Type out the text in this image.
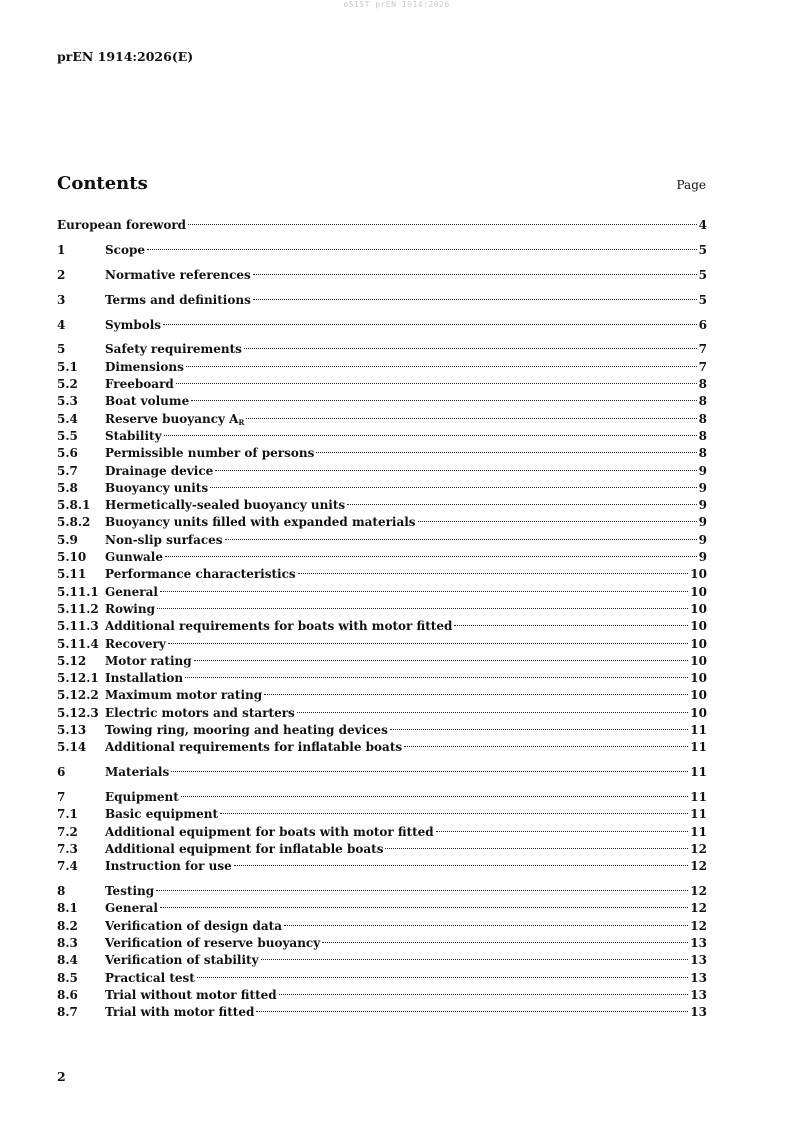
oSIST prEN 1914:2026
prEN 1914:2026(E)
Contents	Page
European foreword	4
1	Scope	5
2	Normative references	5
3	Terms and definitions	5
4	Symbols	6
5	Safety requirements	7
5.1	Dimensions	7
5.2	Freeboard	8
5.3	Boat volume	8
5.4	Reserve buoyancy $A_R$	8
5.5	Stability	8
5.6	Permissible number of persons	8
5.7	Drainage device	9
5.8	Buoyancy units	9
5.8.1	Hermetically-sealed buoyancy units	9
5.8.2	Buoyancy units filled with expanded materials	9
5.9	Non-slip surfaces	9
5.10	Gunwale	9
5.11	Performance characteristics	10
5.11.1 General	10
5.11.2 Rowing	10
5.11.3 Additional requirements for boats with motor fitted	10
5.11.4 Recovery	10
5.12	Motor rating	10
5.12.1 Installation	10
5.12.2 Maximum motor rating	10
5.12.3 Electric motors and starters	10
5.13	Towing ring, mooring and heating devices	11
5.14	Additional requirements for inflatable boats	11
6	Materials	11
7	Equipment	11
7.1	Basic equipment	11
7.2	Additional equipment for boats with motor fitted	11
7.3	Additional equipment for inflatable boats	12
7.4	Instruction for use	12
8	Testing	12
8.1	General	12
8.2	Verification of design data	12
8.3	Verification of reserve buoyancy	13
8.4	Verification of stability	13
8.5	Practical test	13
8.6	Trial without motor fitted	13
8.7	Trial with motor fitted	13
2
